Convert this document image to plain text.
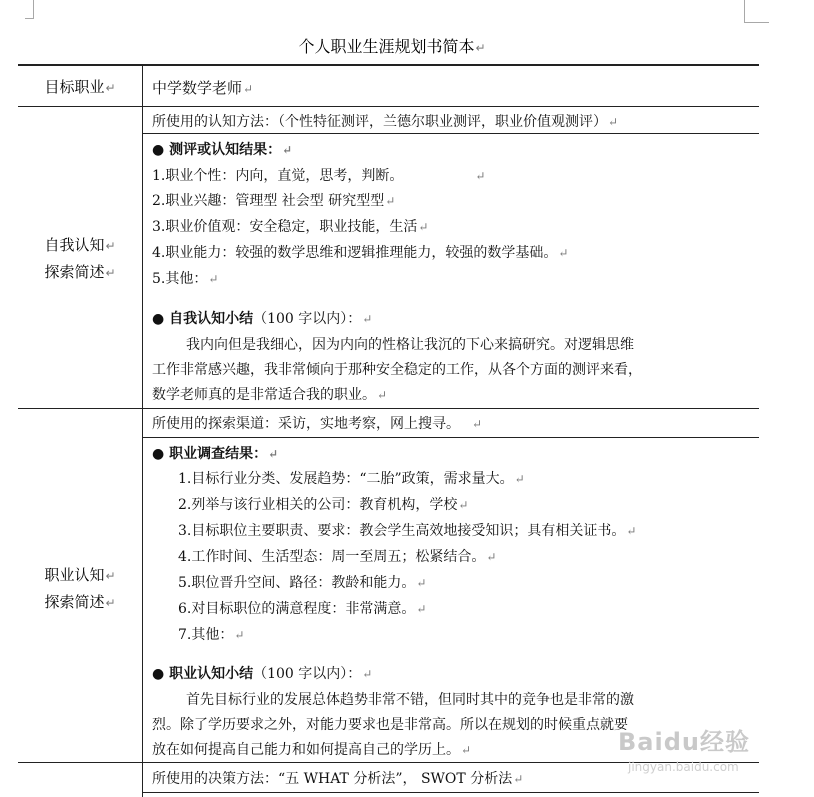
个人职业生涯规划书简本↵
目标职业↵	中学数学老师↵
自我认知↵
探索简述↵
所使用的认知方法：（个性特征测评，兰德尔职业测评，职业价值观测评）↵
● 测评或认知结果：↵
1.职业个性：内向，直觉，思考，判断。	↵
2.职业兴趣：管理型 社会型 研究型型↵
3.职业价值观：安全稳定，职业技能，生活↵
4.职业能力：较强的数学思维和逻辑推理能力，较强的数学基础。↵
5.其他：↵
● 自我认知小结（100 字以内）：↵
我内向但是我细心，因为内向的性格让我沉的下心来搞研究。对逻辑思维
工作非常感兴趣，我非常倾向于那种安全稳定的工作，从各个方面的测评来看，
数学老师真的是非常适合我的职业。↵
职业认知↵
探索简述↵
所使用的探索渠道：采访，实地考察，网上搜寻。 ↵
● 职业调查结果：↵
1.目标行业分类、发展趋势：“二胎”政策，需求量大。↵
2.列举与该行业相关的公司：教育机构，学校↵
3.目标职位主要职责、要求：教会学生高效地接受知识；具有相关证书。↵
4.工作时间、生活型态：周一至周五；松紧结合。↵
5.职位晋升空间、路径：教龄和能力。↵
6.对目标职位的满意程度：非常满意。↵
7.其他：↵
● 职业认知小结（100 字以内）：↵
首先目标行业的发展总体趋势非常不错，但同时其中的竞争也是非常的激
烈。除了学历要求之外，对能力要求也是非常高。所以在规划的时候重点就要
放在如何提高自己能力和如何提高自己的学历上。↵
所使用的决策方法：“五 WHAT 分析法”， SWOT 分析法↵
Baidu经验
jingyan.baidu.com
